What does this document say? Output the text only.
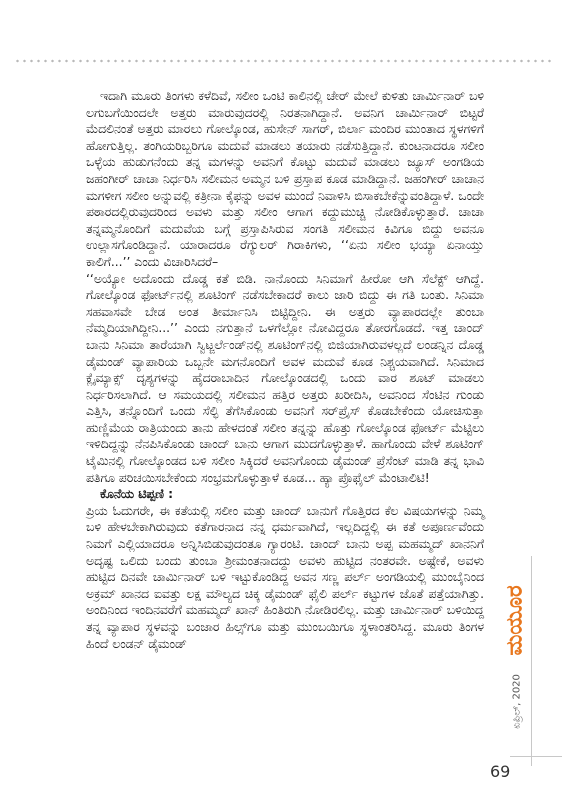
ಇದಾಗಿ ಮೂರು ತಿಂಗಳು ಕಳೆದಿವೆ, ಸಲೀಂ ಒಂಟಿ ಕಾಲಿನಲ್ಲಿ ಚೇರ್ ಮೇಲೆ ಕುಳಿತು ಚಾರ್ಮಿನಾರ್ ಬಳಿ ಲಗುಬಗೆಯಿಂದಲೇ ಅತ್ತರು ಮಾರುವುದರಲ್ಲಿ ನಿರತನಾಗಿದ್ದಾನೆ. ಅವನಿಗ ಚಾರ್ಮಿನಾರ್ ಬಿಟ್ಟರೆ ಮೆದಲಿನಂತೆ ಅತ್ತರು ಮಾರಲು ಗೋಲ್ಕೊಂಡ, ಹುಸೇನ್ ಸಾಗರ್, ಬಿರ್ಲಾ ಮಂದಿರ ಮುಂತಾದ ಸ್ಥಳಗಳಿಗೆ ಹೋಗುತ್ತಿಲ್ಲ. ತಂಗಿಯರಿಬ್ಬರಿಗೂ ಮದುವೆ ಮಾಡಲು ತಯಾರು ನಡೆಸುತ್ತಿದ್ದಾನೆ. ಕುಂಟನಾದರೂ ಸಲೀಂ ಒಳ್ಳೆಯ ಹುಡುಗನೆಂದು ತನ್ನ ಮಗಳನ್ನು ಅವನಿಗೆ ಕೊಟ್ಟು ಮದುವೆ ಮಾಡಲು ಜ್ಯೂಸ್ ಅಂಗಡಿಯ ಜಹಂಗೀರ್ ಚಾಚಾ ನಿರ್ಧರಿಸಿ ಸಲೀಮನ ಅಮ್ಮನ ಬಳಿ ಪ್ರಸ್ತಾಪ ಕೂಡ ಮಾಡಿದ್ದಾನೆ. ಜಹಂಗೀರ್ ಚಾಚಾನ ಮಗಳೀಗ ಸಲೀಂ ಅನ್ನುವಲ್ಲಿ ಕತ್ರೀನಾ ಕೈಫನ್ನು ಅವಳ ಮುಂದೆ ನಿವಾಳಿಸಿ ಬಿಸಾಕಬೇಕೆನ್ನುವಂತಿದ್ದಾಳೆ. ಒಂದೇ ಪಠಾರದಲ್ಲಿರುವುದರಿಂದ ಅವಳು ಮತ್ತು ಸಲೀಂ ಆಗಾಗ ಕದ್ದುಮುಚ್ಚಿ ನೋಡಿಕೊಳ್ಳುತ್ತಾರೆ. ಚಾಚಾ ತನ್ನಮ್ಮನೊಂದಿಗೆ ಮದುವೆಯ ಬಗ್ಗೆ ಪ್ರಸ್ತಾಪಿಸಿರುವ ಸಂಗತಿ ಸಲೀಮನ ಕಿವಿಗೂ ಬಿದ್ದು ಅವನೂ ಉಲ್ಲಾಸಗೊಂಡಿದ್ದಾನೆ. ಯಾರಾದರೂ ರೆಗ್ಯುಲರ್ ಗಿರಾಕಿಗಳು, ‘‘ಏನು ಸಲೀಂ ಭಯ್ಯಾ ಏನಾಯ್ತು ಕಾಲಿಗೆ...’’ ಎಂದು ವಿಚಾರಿಸಿದರೆ–

‘‘ಅಯ್ಯೋ ಅದೊಂದು ದೊಡ್ಡ ಕತೆ ಬಿಡಿ. ನಾನೊಂದು ಸಿನಿಮಾಗೆ ಹೀರೋ ಆಗಿ ಸೆಲೆಕ್ಟ್ ಆಗಿದ್ದೆ. ಗೋಲ್ಕೊಂಡ ಫೋರ್ಟ್‌ನಲ್ಲಿ ಶೂಟಿಂಗ್ ನಡೆಸಬೇಕಾದರೆ ಕಾಲು ಜಾರಿ ಬಿದ್ದು ಈ ಗತಿ ಬಂತು. ಸಿನಿಮಾ ಸಹವಾಸವೇ ಬೇಡ ಅಂತ ತೀರ್ಮಾನಿಸಿ ಬಿಟ್ಟಿದ್ದೀನಿ. ಈ ಅತ್ತರು ವ್ಯಾಪಾರದಲ್ಲೇ ತುಂಬಾ ನೆಮ್ಮದಿಯಾಗಿದ್ದೀನಿ...’’ ಎಂದು ನಗುತ್ತಾನೆ ಒಳಗೆಲ್ಲೋ ನೋವಿದ್ದರೂ ತೋರಗೊಡದೆ. ಇತ್ತ ಚಾಂದ್ ಬಾನು ಸಿನಿಮಾ ತಾರೆಯಾಗಿ ಸ್ವಿಟ್ಜರ್ಲೆಂಡ್‌ನಲ್ಲಿ ಶೂಟಿಂಗ್‌ನಲ್ಲಿ ಬಿಜಿಯಾಗಿರುವಳಲ್ಲದೆ ಲಂಡನ್ನಿನ ದೊಡ್ಡ ಡೈಮಂಡ್ ವ್ಯಾಪಾರಿಯ ಒಬ್ಬನೇ ಮಗನೊಂದಿಗೆ ಅವಳ ಮದುವೆ ಕೂಡ ನಿಶ್ಚಯವಾಗಿದೆ. ಸಿನಿಮಾದ ಕ್ಲೈಮ್ಯಾಕ್ಸ್ ದೃಶ್ಯಗಳನ್ನು ಹೈದರಾಬಾದಿನ ಗೋಲ್ಕೊಂಡದಲ್ಲಿ ಒಂದು ವಾರ ಶೂಟ್ ಮಾಡಲು ನಿರ್ಧರಿಸಲಾಗಿದೆ. ಆ ಸಮಯದಲ್ಲಿ ಸಲೀಮನ ಹತ್ತಿರ ಅತ್ತರು ಖರೀದಿಸಿ, ಅವನಿಂದ ಸೆಂಟಿನ ಗುಂಡು ಎತ್ತಿಸಿ, ತನ್ನೊಂದಿಗೆ ಒಂದು ಸೆಲ್ಫಿ ತೆಗೆಸಿಕೊಂಡು ಅವನಿಗೆ ಸರ್‌ಪ್ರೈಸ್ ಕೊಡಬೇಕೆಂದು ಯೋಚಿಸುತ್ತಾ ಹುಣ್ಣಿಮೆಯ ರಾತ್ರಿಯಂದು ತಾನು ಹೇಳದಂತೆ ಸಲೀಂ ತನ್ನನ್ನು ಹೊತ್ತು ಗೋಲ್ಕೊಂಡ ಫೋರ್ಟ್ ಮೆಟ್ಟಿಲು ಇಳಿದಿದ್ದನ್ನು ನೆನಪಿಸಿಕೊಂಡು ಚಾಂದ್ ಬಾನು ಆಗಾಗ ಮುದಗೊಳ್ಳುತ್ತಾಳೆ. ಹಾಗೊಂದು ವೇಳೆ ಶೂಟಿಂಗ್ ಟೈಮಿನಲ್ಲಿ ಗೋಲ್ಕೊಂಡದ ಬಳಿ ಸಲೀಂ ಸಿಕ್ಕಿದರೆ ಅವನಿಗೊಂದು ಡೈಮಂಡ್ ಪ್ರೆಸೆಂಟ್ ಮಾಡಿ ತನ್ನ ಭಾವಿ ಪತಿಗೂ ಪರಿಚಯಿಸಬೇಕೆಂದು ಸಂಭ್ರಮಗೊಳ್ಳುತ್ತಾಳೆ ಕೂಡ... ಹ್ಯಾ ಪ್ರೊಫೈಲ್ ಮೆಂಟಾಲಿಟಿ!

ಕೊನೆಯ ಟಿಪ್ಪಣಿ :

ಪ್ರಿಯ ಓದುಗರೇ, ಈ ಕತೆಯಲ್ಲಿ ಸಲೀಂ ಮತ್ತು ಚಾಂದ್ ಬಾನುಗೆ ಗೊತ್ತಿರದ ಕೆಲ ವಿಷಯಗಳನ್ನು ನಿಮ್ಮ ಬಳಿ ಹೇಳಬೇಕಾಗಿರುವುದು ಕತೆಗಾರನಾದ ನನ್ನ ಧರ್ಮವಾಗಿದೆ, ಇಲ್ಲದಿದ್ದಲ್ಲಿ ಈ ಕತೆ ಅಪೂರ್ಣವೆಂದು ನಿಮಗೆ ಎಲ್ಲಿಯಾದರೂ ಅನ್ನಿಸಿಬಿಡುವುದಂತೂ ಗ್ಯಾರಂಟಿ. ಚಾಂದ್ ಬಾನು ಅಪ್ಪ ಮಹಮ್ಮದ್ ಖಾನನಿಗೆ ಅದೃಷ್ಟ ಒಲಿದು ಬಂದು ತುಂಬಾ ಶ್ರೀಮಂತನಾದದ್ದು ಅವಳು ಹುಟ್ಟಿದ ನಂತರವೇ. ಅಷ್ಟೇಕೆ, ಅವಳು ಹುಟ್ಟಿದ ದಿನವೇ ಚಾರ್ಮಿನಾರ್ ಬಳಿ ಇಟ್ಟುಕೊಂಡಿದ್ದ ಅವನ ಸಣ್ಣ ಪರ್ಲ್ ಅಂಗಡಿಯಲ್ಲಿ ಮುಂಬೈನಿಂದ ಅಕ್ರಮ್ ಖಾನದ ಐವತ್ತು ಲಕ್ಷ ಮೌಲ್ಯದ ಚಿಕ್ಕ ಡೈಮಂಡ್ ಫೈಲಿ ಪರ್ಲ್ ಕಟ್ಟುಗಳ ಜೊತೆ ಪತ್ತೆಯಾಗಿತ್ತು. ಅಂದಿನಿಂದ ಇಂದಿನವರೆಗೆ ಮಹಮ್ಮದ್ ಖಾನ್ ಹಿಂತಿರುಗಿ ನೋಡಿರಲಿಲ್ಲ. ಮತ್ತು ಚಾರ್ಮಿನಾರ್ ಬಳಿಯಿದ್ದ ತನ್ನ ವ್ಯಾಪಾರ ಸ್ಥಳವನ್ನು ಬಂಜಾರ ಹಿಲ್ಸ್‌ಗೂ ಮತ್ತು ಮುಂಬಯಿಗೂ ಸ್ಥಳಾಂತರಿಸಿದ್ದ. ಮೂರು ತಿಂಗಳ ಹಿಂದೆ ಲಂಡನ್ ಡೈಮಂಡ್	ಮಯೂರ
ಏಪ್ರಿಲ್, 2020
69
